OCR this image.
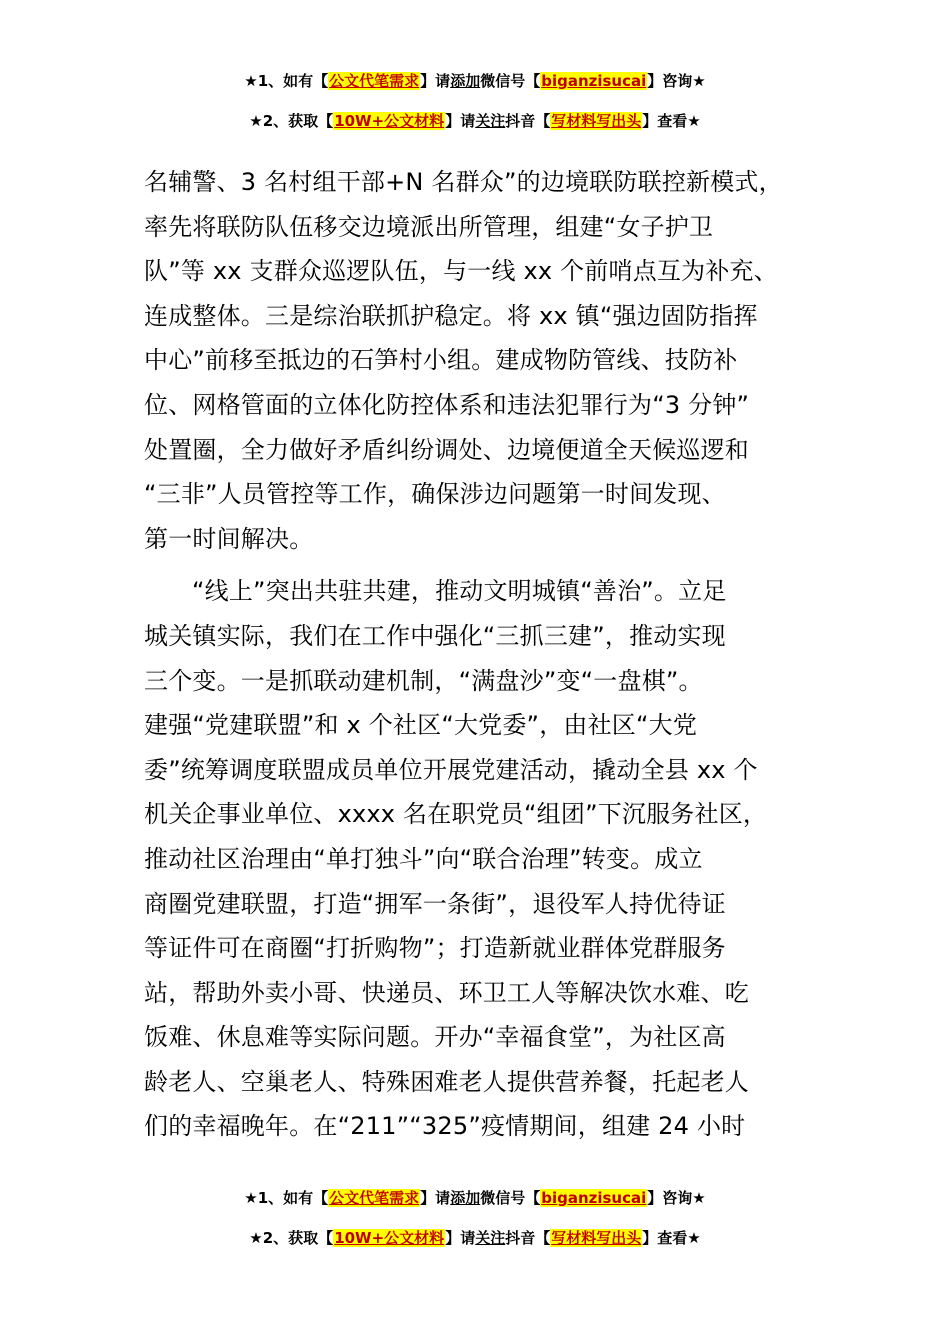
★1、如有【公文代笔需求】请添加微信号【biganzisucai】咨询★
★2、获取【10W+公文材料】请关注抖音【写材料写出头】查看★

名辅警、3 名村组干部+N 名群众”的边境联防联控新模式，

率先将联防队伍移交边境派出所管理，组建“女子护卫

队”等 xx 支群众巡逻队伍，与一线 xx 个前哨点互为补充、

连成整体。三是综治联抓护稳定。将 xx 镇“强边固防指挥

中心”前移至抵边的石笋村小组。建成物防管线、技防补

位、网格管面的立体化防控体系和违法犯罪行为“3 分钟”

处置圈，全力做好矛盾纠纷调处、边境便道全天候巡逻和

“三非”人员管控等工作，确保涉边问题第一时间发现、

第一时间解决。

“线上”突出共驻共建，推动文明城镇“善治”。立足

城关镇实际，我们在工作中强化“三抓三建”，推动实现

三个变。一是抓联动建机制，“满盘沙”变“一盘棋”。

建强“党建联盟”和 x 个社区“大党委”，由社区“大党

委”统筹调度联盟成员单位开展党建活动，撬动全县 xx 个

机关企事业单位、xxxx 名在职党员“组团”下沉服务社区，

推动社区治理由“单打独斗”向“联合治理”转变。成立

商圈党建联盟，打造“拥军一条街”，退役军人持优待证

等证件可在商圈“打折购物”；打造新就业群体党群服务

站，帮助外卖小哥、快递员、环卫工人等解决饮水难、吃

饭难、休息难等实际问题。开办“幸福食堂”，为社区高

龄老人、空巢老人、特殊困难老人提供营养餐，托起老人

们的幸福晚年。在“211”“325”疫情期间，组建 24 小时

★1、如有【公文代笔需求】请添加微信号【biganzisucai】咨询★
★2、获取【10W+公文材料】请关注抖音【写材料写出头】查看★
